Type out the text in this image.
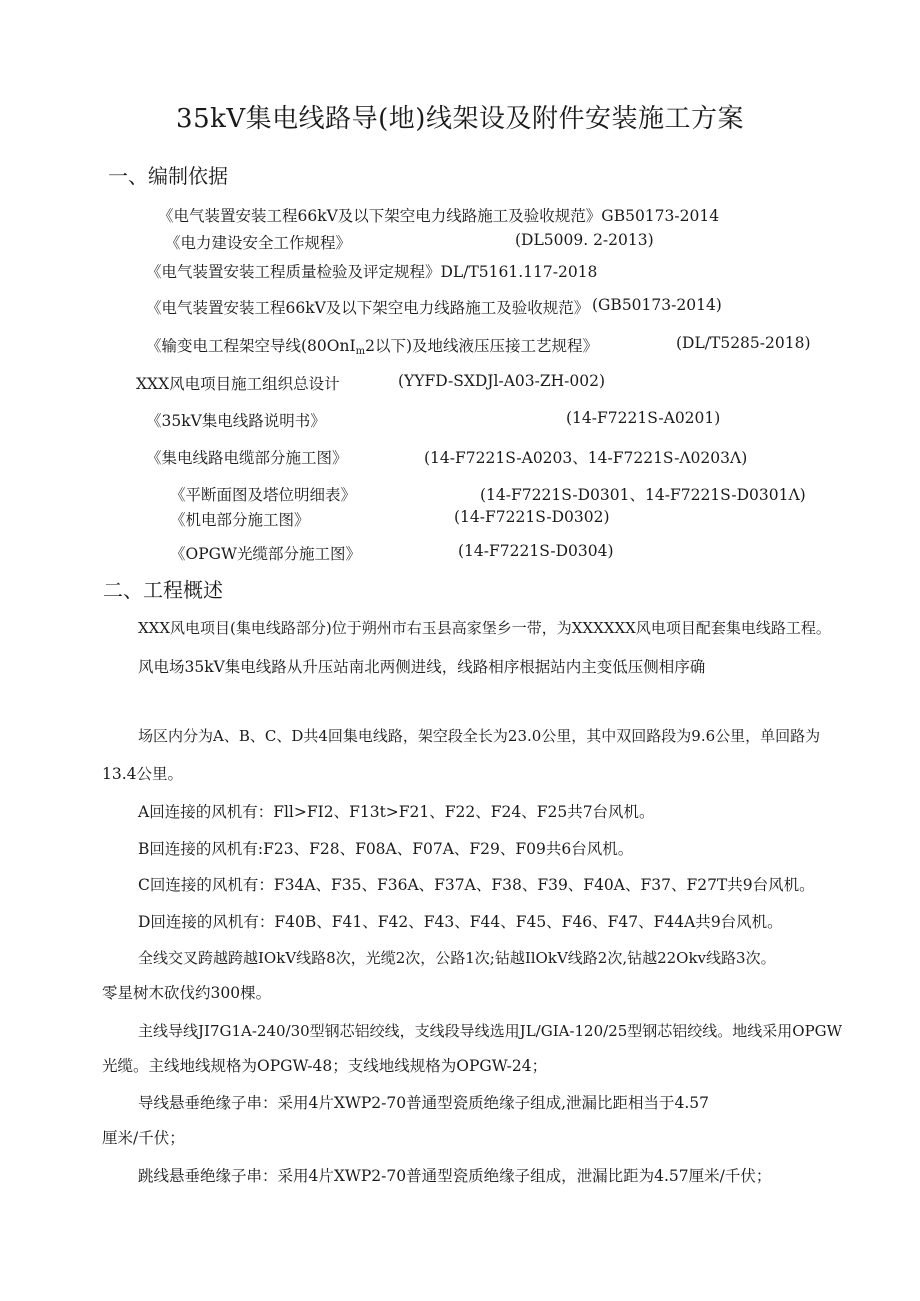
35kV集电线路导(地)线架设及附件安装施工方案
一、编制依据
《电气装置安装工程66kV及以下架空电力线路施工及验收规范》GB50173-2014
《电力建设安全工作规程》	(DL5009. 2-2013)
《电气装置安装工程质量检验及评定规程》DL/T5161.117-2018
《电气装置安装工程66kV及以下架空电力线路施工及验收规范》 (GB50173-2014)
《输变电工程架空导线(80OnI$_m$2以下)及地线液压压接工艺规程》	(DL/T5285-2018)
XXX风电项目施工组织总设计	(YYFD-SXDJl-A03-ZH-002)
《35kV集电线路说明书》	(14-F7221S-A0201)
《集电线路电缆部分施工图》	(14-F7221S-A0203、14-F7221S-Λ0203Λ)
《平断面图及塔位明细表》	(14-F7221S-D0301、14-F7221S-D0301Λ)
《机电部分施工图》	(14-F7221S-D0302)
《OPGW光缆部分施工图》	(14-F7221S-D0304)
二、工程概述
XXX风电项目(集电线路部分)位于朔州市右玉县高家堡乡一带，为XXXXXX风电项目配套集电线路工程。
风电场35kV集电线路从升压站南北两侧进线，线路相序根据站内主变低压侧相序确
场区内分为A、B、C、D共4回集电线路，架空段全长为23.0公里，其中双回路段为9.6公里，单回路为
13.4公里。
A回连接的风机有：Fll>FI2、F13t>F21、F22、F24、F25共7台风机。
B回连接的风机有:F23、F28、F08A、F07A、F29、F09共6台风机。
C回连接的风机有：F34A、F35、F36A、F37A、F38、F39、F40A、F37、F27T共9台风机。
D回连接的风机有：F40B、F41、F42、F43、F44、F45、F46、F47、F44A共9台风机。
全线交叉跨越跨越IOkV线路8次，光缆2次，公路1次;钻越IlOkV线路2次,钻越22Okv线路3次。
零星树木砍伐约300棵。
主线导线JI7G1A-240/30型钢芯铝绞线，支线段导线选用JL/GIA-120/25型钢芯铝绞线。地线采用OPGW
光缆。主线地线规格为OPGW-48；支线地线规格为OPGW-24；
导线悬垂绝缘子串：采用4片XWP2-70普通型瓷质绝缘子组成,泄漏比距相当于4.57
厘米/千伏；
跳线悬垂绝缘子串：采用4片XWP2-70普通型瓷质绝缘子组成，泄漏比距为4.57厘米/千伏；
